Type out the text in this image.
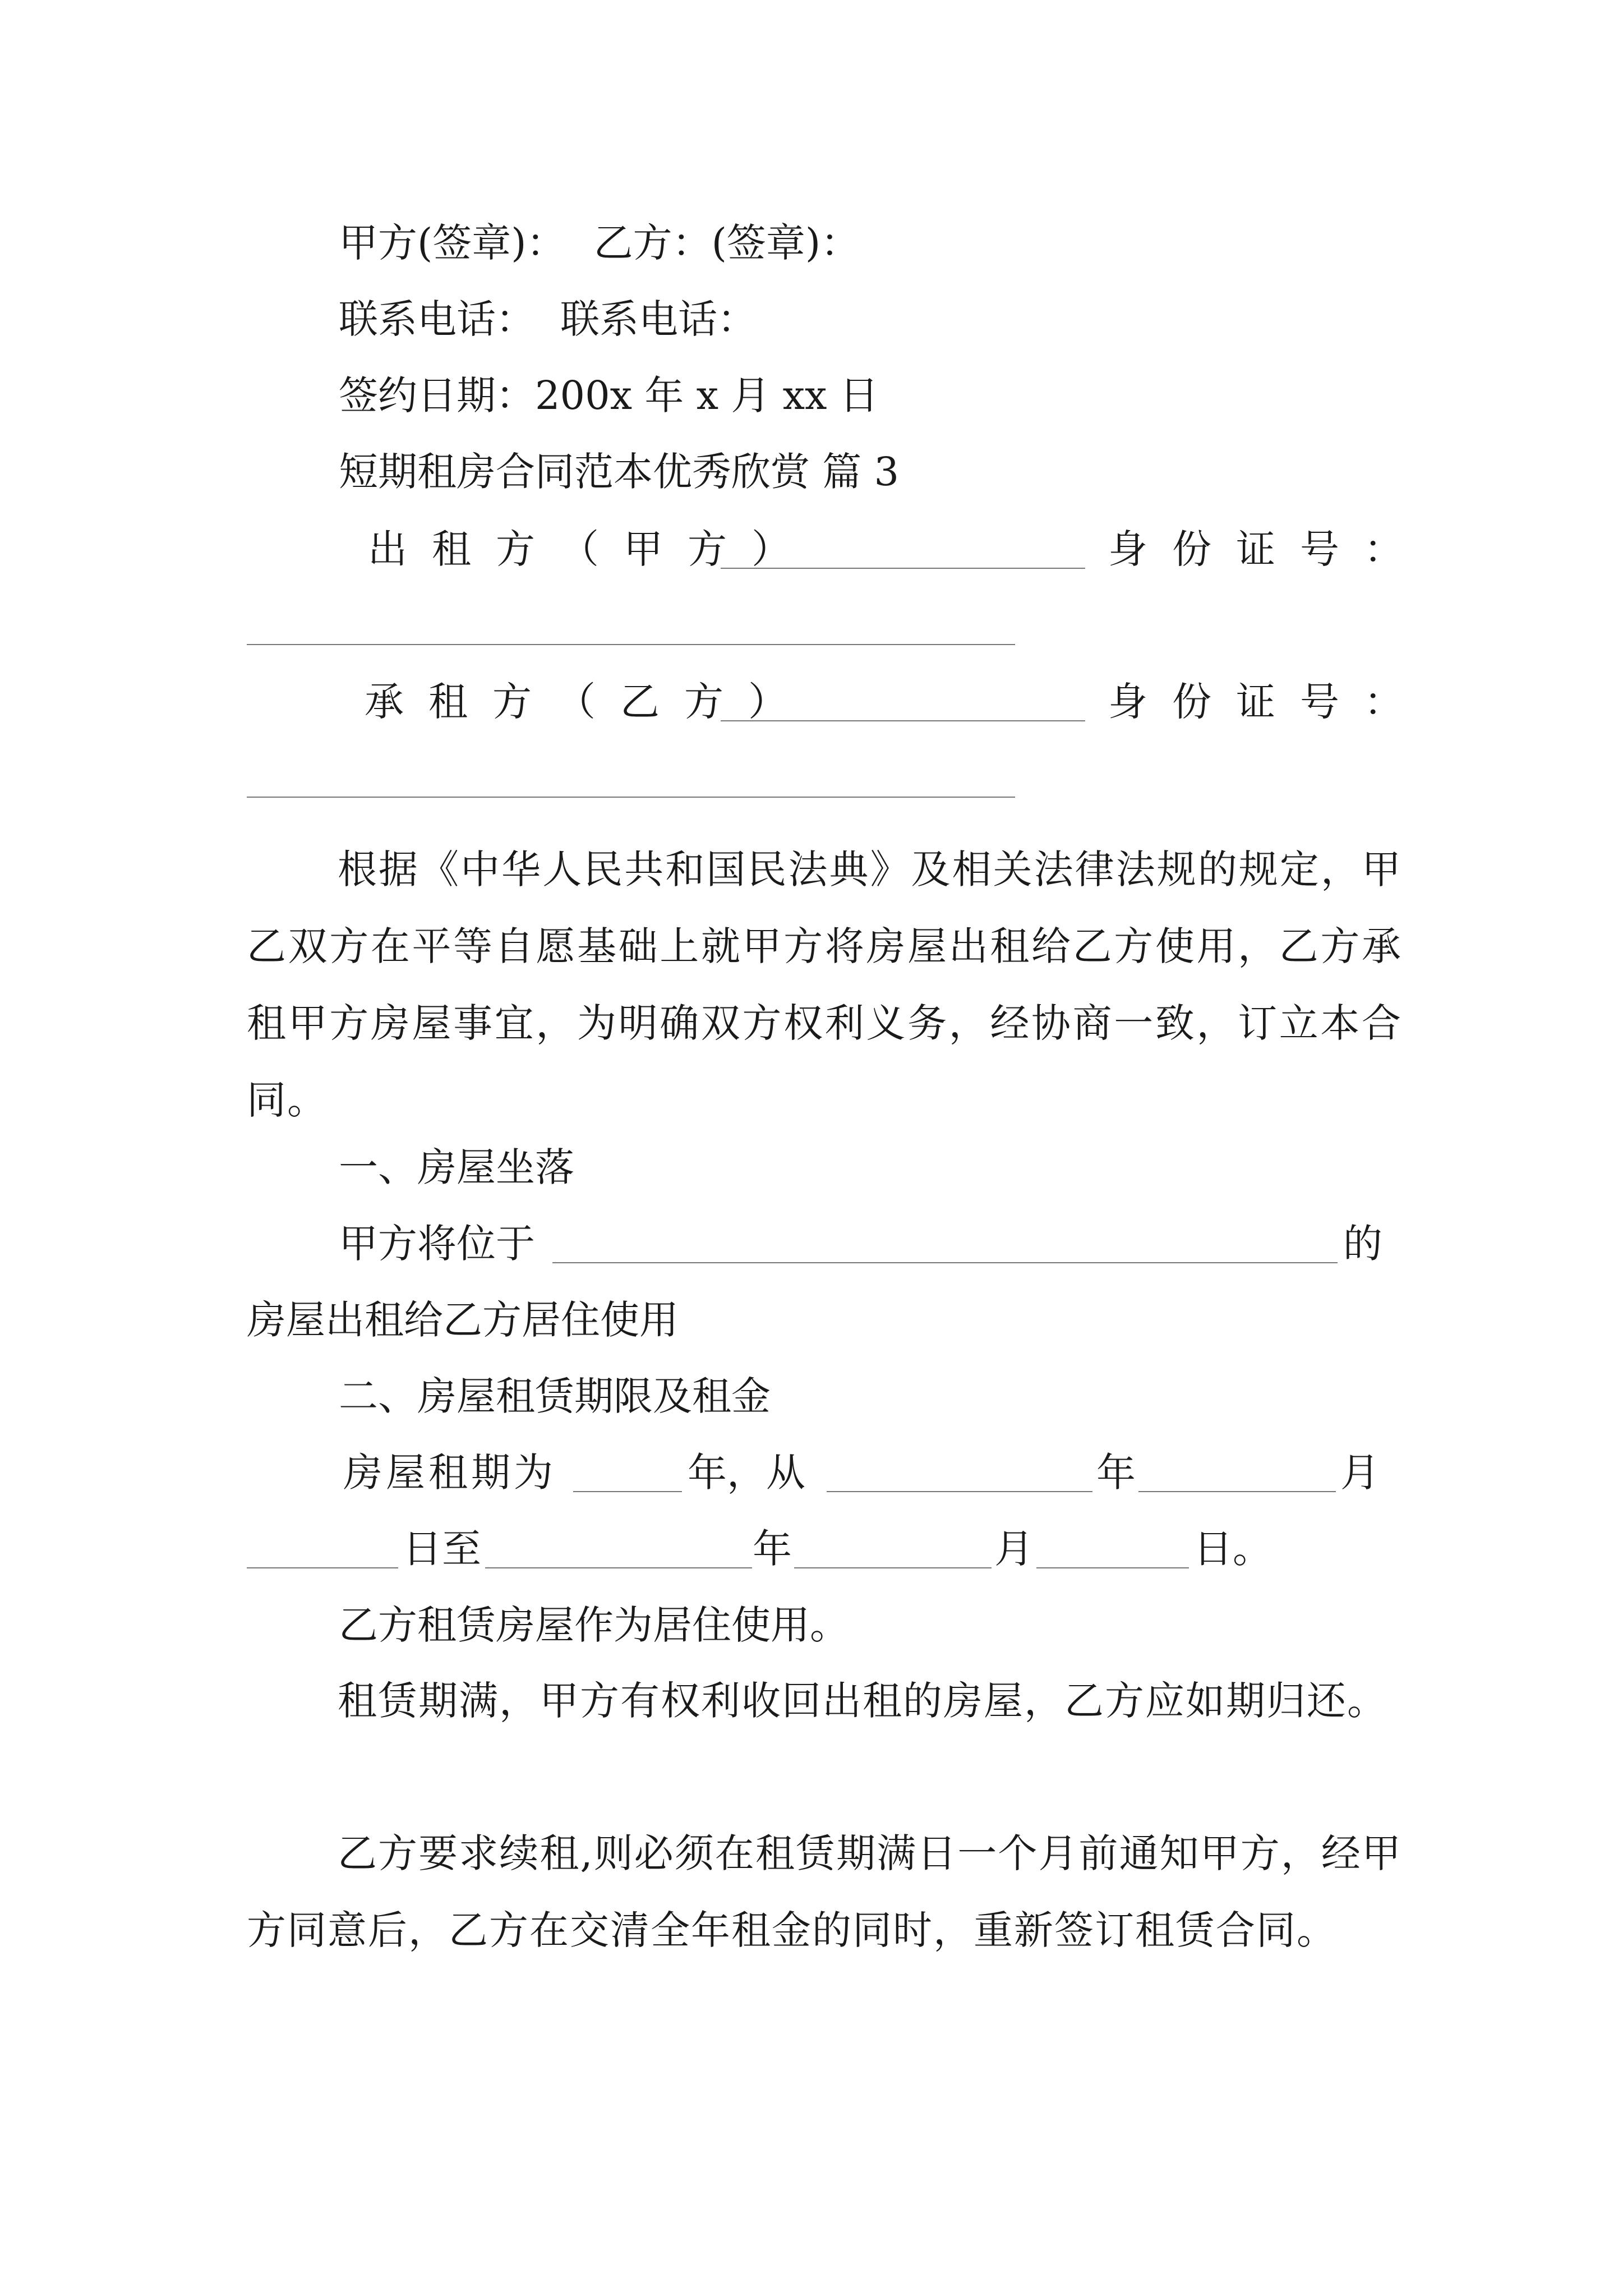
甲方(签章)： 乙方：(签章)：
联系电话： 联系电话：
签约日期：200x 年 x 月 xx 日
短期租房合同范本优秀欣赏 篇 3
出租方（甲方）	身份证号：
承租方（乙方）	身份证号：
根据《中华人民共和国民法典》及相关法律法规的规定，甲乙双方在平等自愿基础上就甲方将房屋出租给乙方使用，乙方承租甲方房屋事宜，为明确双方权利义务，经协商一致，订立本合同。
一、房屋坐落
甲方将位于	的
房屋出租给乙方居住使用
二、房屋租赁期限及租金
房屋租期为	年，从	年	月
日至	年	月	日。
乙方租赁房屋作为居住使用。
租赁期满，甲方有权利收回出租的房屋，乙方应如期归还。
乙方要求续租,则必须在租赁期满日一个月前通知甲方，经甲方同意后，乙方在交清全年租金的同时，重新签订租赁合同。
